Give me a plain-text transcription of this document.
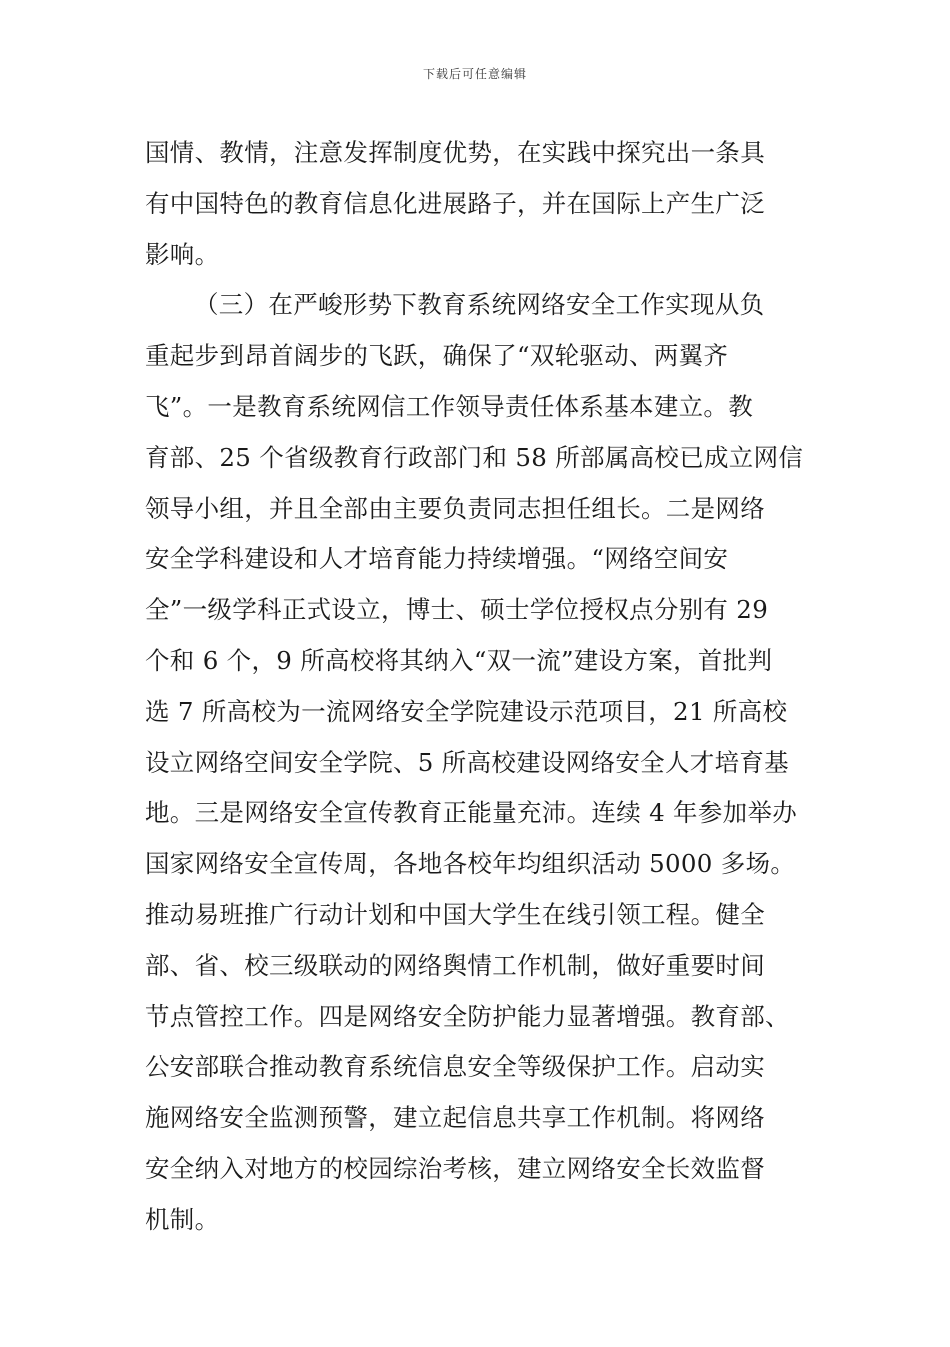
下载后可任意编辑
国情、教情，注意发挥制度优势，在实践中探究出一条具
有中国特色的教育信息化进展路子，并在国际上产生广泛
影响。
（三）在严峻形势下教育系统网络安全工作实现从负
重起步到昂首阔步的飞跃，确保了“双轮驱动、两翼齐
飞”。一是教育系统网信工作领导责任体系基本建立。教
育部、25 个省级教育行政部门和 58 所部属高校已成立网信
领导小组，并且全部由主要负责同志担任组长。二是网络
安全学科建设和人才培育能力持续增强。“网络空间安
全”一级学科正式设立，博士、硕士学位授权点分别有 29
个和 6 个，9 所高校将其纳入“双一流”建设方案，首批判
选 7 所高校为一流网络安全学院建设示范项目，21 所高校
设立网络空间安全学院、5 所高校建设网络安全人才培育基
地。三是网络安全宣传教育正能量充沛。连续 4 年参加举办
国家网络安全宣传周，各地各校年均组织活动 5000 多场。
推动易班推广行动计划和中国大学生在线引领工程。健全
部、省、校三级联动的网络舆情工作机制，做好重要时间
节点管控工作。四是网络安全防护能力显著增强。教育部、
公安部联合推动教育系统信息安全等级保护工作。启动实
施网络安全监测预警，建立起信息共享工作机制。将网络
安全纳入对地方的校园综治考核，建立网络安全长效监督
机制。
